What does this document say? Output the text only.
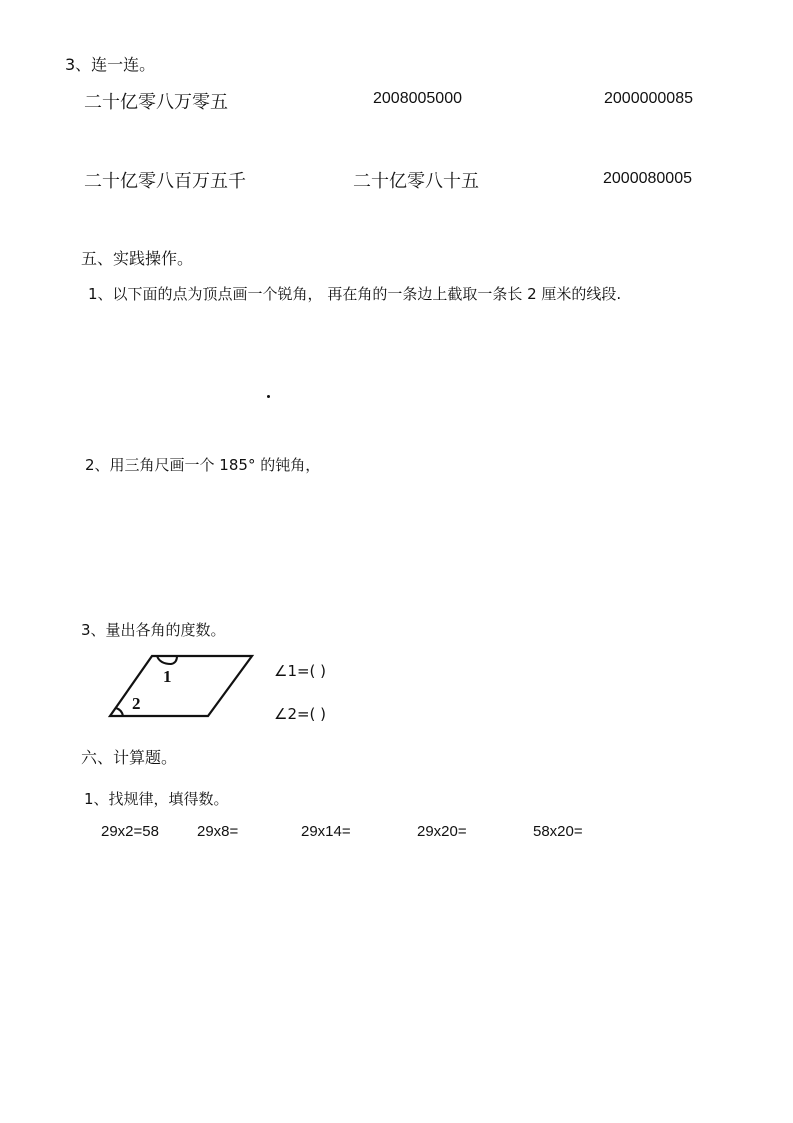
3、连一连。
二十亿零八万零五	2008005000	2000000085
二十亿零八百万五千	二十亿零八十五	2000080005
五、实践操作。
1、以下面的点为顶点画一个锐角， 再在角的一条边上截取一条长 2 厘米的线段.
2、用三角尺画一个 185° 的钝角，
3、量出各角的度数。
1
2
∠1=( )
∠2=( )
六、计算题。
1、找规律，填得数。
29x2=58	29x8=	29x14=	29x20=	58x20=
